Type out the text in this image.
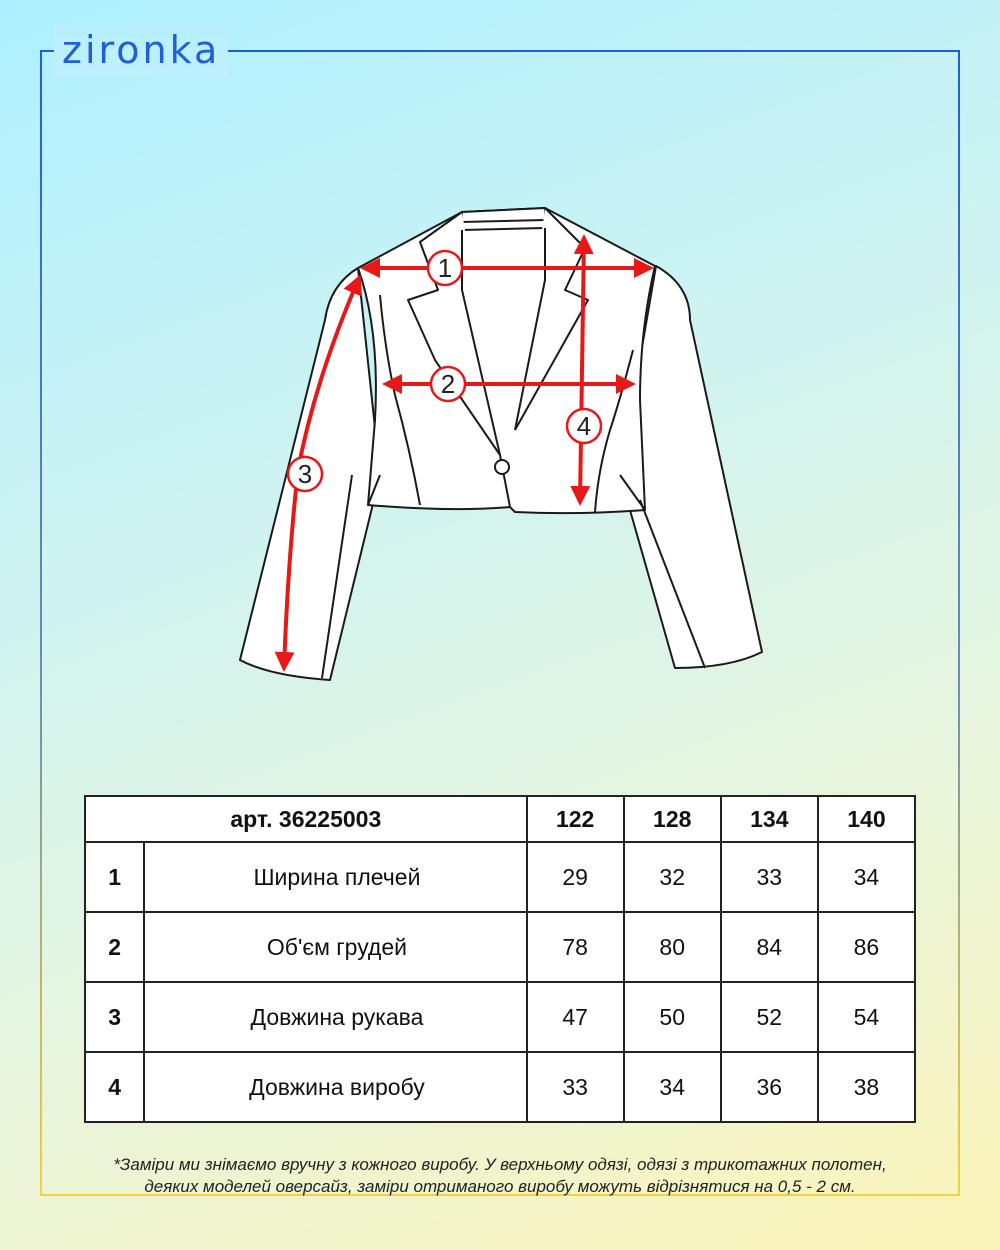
zironka
1
2
3
4
арт. 36225003		122	128	134	140
1	Ширина плечей	29	32	33	34
2	Об'єм грудей	78	80	84	86
3	Довжина рукава	47	50	52	54
4	Довжина виробу	33	34	36	38
*Заміри ми знімаємо вручну з кожного виробу. У верхньому одязі, одязі з трикотажних полотен,
деяких моделей оверсайз, заміри отриманого виробу можуть відрізнятися на 0,5 - 2 см.
